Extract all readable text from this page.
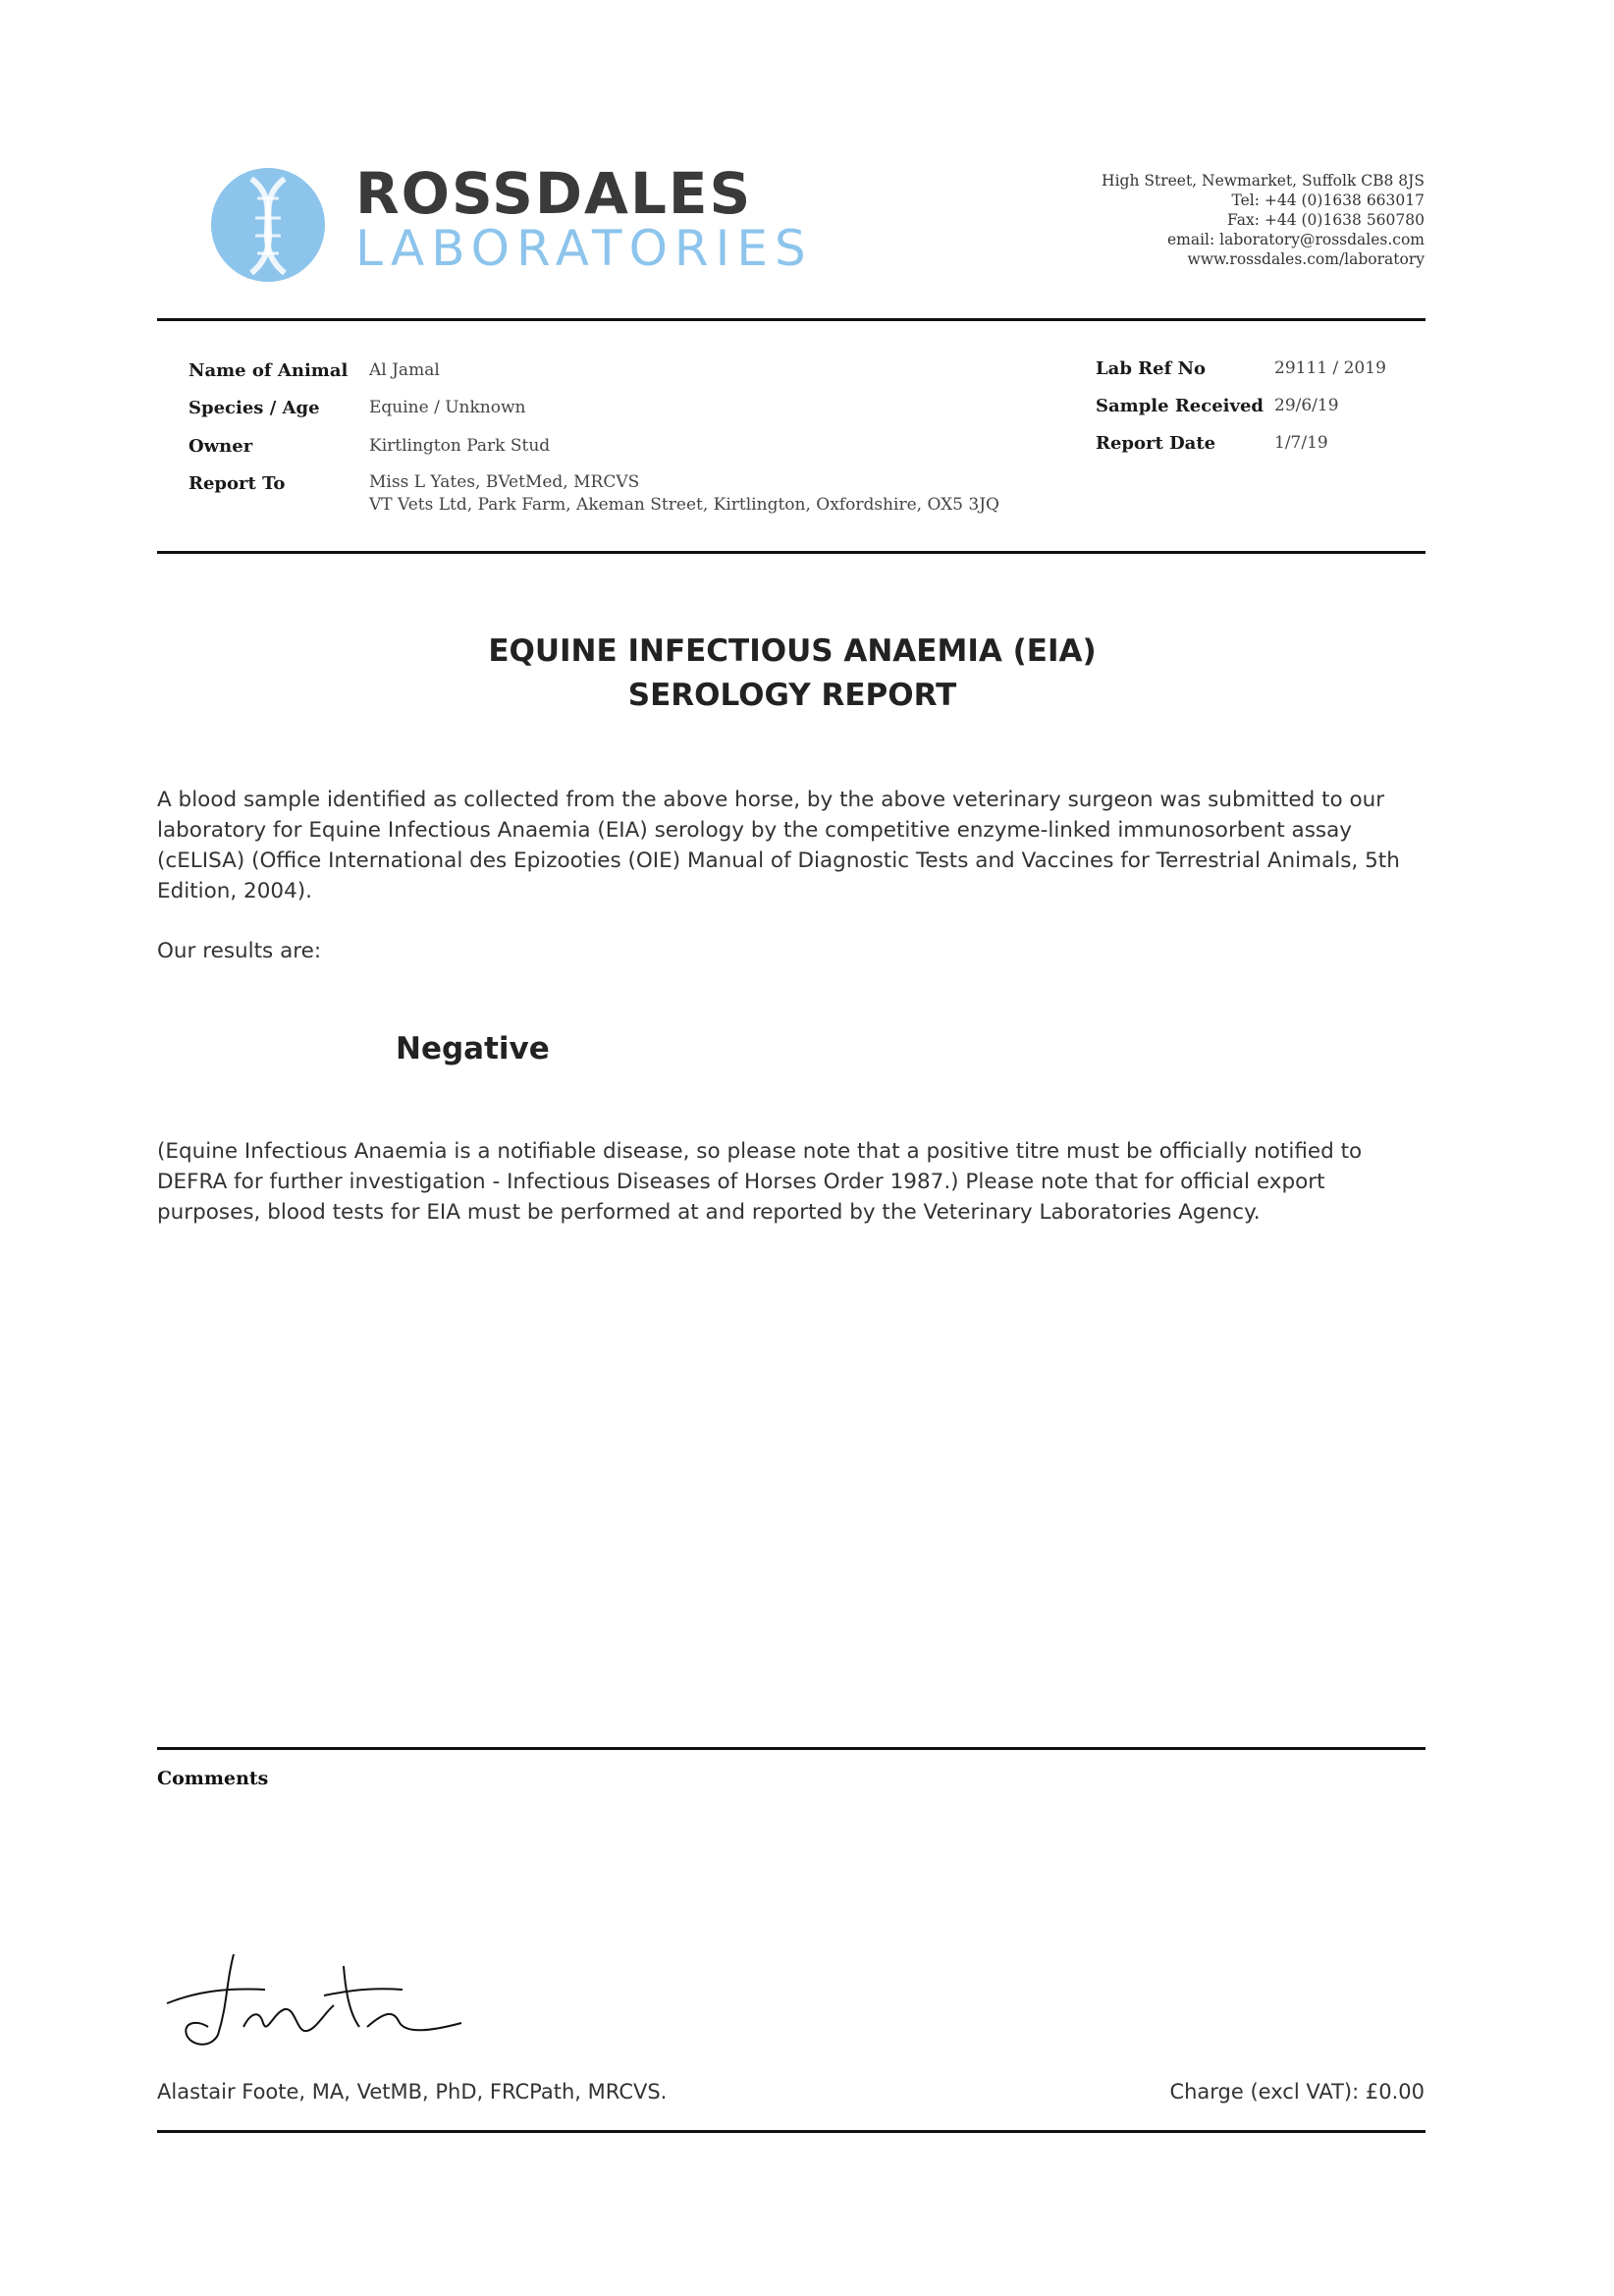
ROSSDALES
LABORATORIES
High Street, Newmarket, Suffolk CB8 8JS
Tel: +44 (0)1638 663017
Fax: +44 (0)1638 560780
email: laboratory@rossdales.com
www.rossdales.com/laboratory
Name of Animal Al Jamal
Species / Age	Equine / Unknown
Owner	Kirtlington Park Stud
Report To	Miss L Yates, BVetMed, MRCVS
VT Vets Ltd, Park Farm, Akeman Street, Kirtlington, Oxfordshire, OX5 3JQ
Lab Ref No	29111 / 2019
Sample Received 29/6/19
Report Date	1/7/19
EQUINE INFECTIOUS ANAEMIA (EIA)
SEROLOGY REPORT
A blood sample identified as collected from the above horse, by the above veterinary surgeon was submitted to our laboratory for Equine Infectious Anaemia (EIA) serology by the competitive enzyme-linked immunosorbent assay (cELISA) (Office International des Epizooties (OIE) Manual of Diagnostic Tests and Vaccines for Terrestrial Animals, 5th Edition, 2004).
Our results are:
Negative
(Equine Infectious Anaemia is a notifiable disease, so please note that a positive titre must be officially notified to DEFRA for further investigation - Infectious Diseases of Horses Order 1987.) Please note that for official export purposes, blood tests for EIA must be performed at and reported by the Veterinary Laboratories Agency.
Comments
Alastair Foote, MA, VetMB, PhD, FRCPath, MRCVS.	Charge (excl VAT): £0.00
